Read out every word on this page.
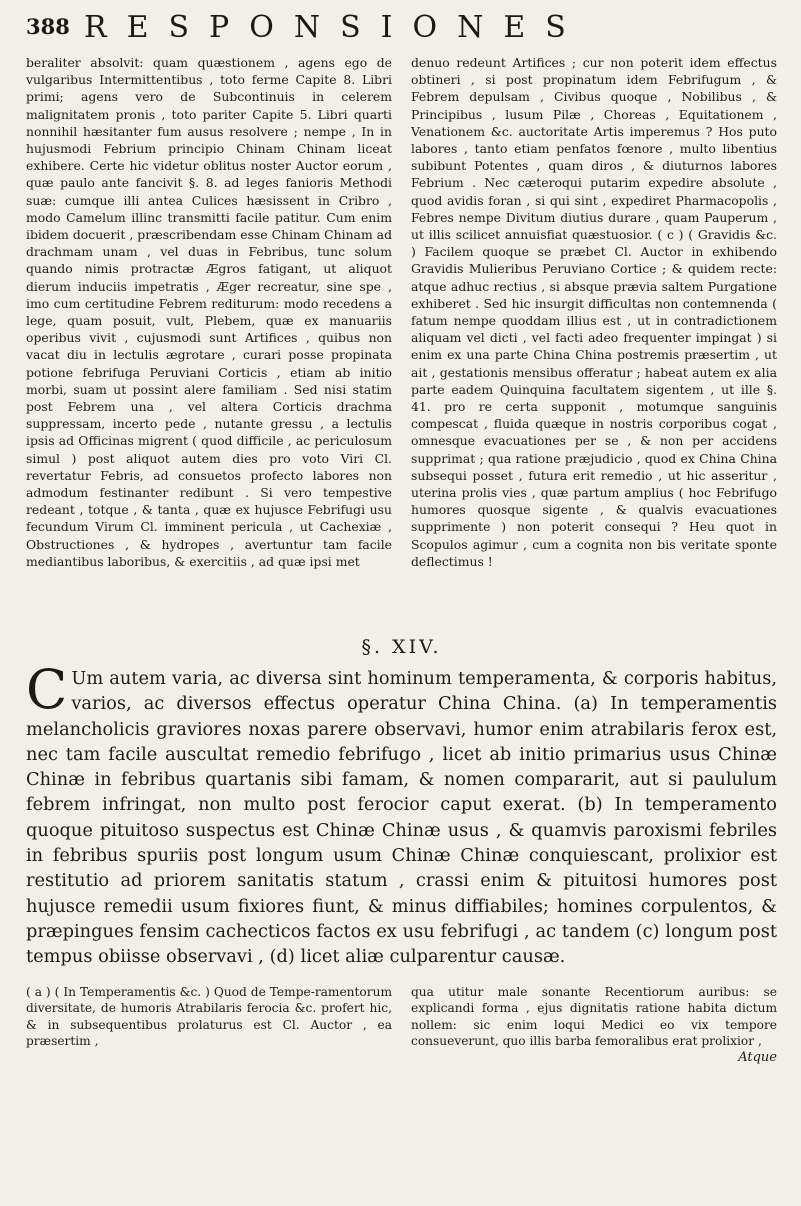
388 RESPONSIONES

beraliter absolvit: quam quæstionem , agens ego de vulgaribus Intermittentibus , toto ferme Capite 8. Libri primi; agens vero de Subcontinuis in celerem malignitatem pronis , toto pariter Capite 5. Libri quarti nonnihil hæsitanter fum ausus resolvere ; nempe , In in hujusmodi Febrium principio Chinam Chinam liceat exhibere. Certe hic videtur oblitus noster Auctor eorum , quæ paulo ante fancivit §. 8. ad leges fanioris Methodi suæ: cumque illi antea Culices hæsissent in Cribro , modo Camelum illinc transmitti facile patitur. Cum enim ibidem docuerit , præscribendam esse Chinam Chinam ad drachmam unam , vel duas in Febribus, tunc solum quando nimis protractæ Ægros fatigant, ut aliquot dierum induciis impetratis , Æger recreatur, sine spe , imo cum certitudine Febrem rediturum: modo recedens a lege, quam posuit, vult, Plebem, quæ ex manuariis operibus vivit , cujusmodi sunt Artifices , quibus non vacat diu in lectulis ægrotare , curari posse propinata potione febrifuga Peruviani Corticis , etiam ab initio morbi, suam ut possint alere familiam . Sed nisi statim post Febrem una , vel altera Corticis drachma suppressam, incerto pede , nutante gressu , a lectulis ipsis ad Officinas migrent ( quod difficile , ac periculosum simul ) post aliquot autem dies pro voto Viri Cl. revertatur Febris, ad consuetos profecto labores non admodum festinanter redibunt . Si vero tempestive redeant , totque , & tanta , quæ ex hujusce Febrifugi usu fecundum Virum Cl. imminent pericula , ut Cachexiæ , Obstructiones , & hydropes , avertuntur tam facile mediantibus laboribus, & exercitiis , ad quæ ipsi met

denuo redeunt Artifices ; cur non poterit idem effectus obtineri , si post propinatum idem Febrifugum , & Febrem depulsam , Civibus quoque , Nobilibus , & Principibus , lusum Pilæ , Choreas , Equitationem , Venationem &c. auctoritate Artis imperemus ? Hos puto labores , tanto etiam penfatos fœnore , multo libentius subibunt Potentes , quam diros , & diuturnos labores Febrium . Nec cæteroqui putarim expedire absolute , quod avidis foran , si qui sint , expediret Pharmacopolis , Febres nempe Divitum diutius durare , quam Pauperum , ut illis scilicet annuisfiat quæstuosior. ( c ) ( Gravidis &c. ) Facilem quoque se præbet Cl. Auctor in exhibendo Gravidis Mulieribus Peruviano Cortice ; & quidem recte: atque adhuc rectius , si absque prævia saltem Purgatione exhiberet . Sed hic insurgit difficultas non contemnenda ( fatum nempe quoddam illius est , ut in contradictionem aliquam vel dicti , vel facti adeo frequenter impingat ) si enim ex una parte China China postremis præsertim , ut ait , gestationis mensibus offeratur ; habeat autem ex alia parte eadem Quinquina facultatem sigentem , ut ille §. 41. pro re certa supponit , motumque sanguinis compescat , fluida quæque in nostris corporibus cogat , omnesque evacuationes per se , & non per accidens supprimat ; qua ratione præjudicio , quod ex China China subsequi posset , futura erit remedio , ut hic asseritur , uterina prolis vies , quæ partum amplius ( hoc Febrifugo humores quosque sigente , & qualvis evacuationes supprimente ) non poterit consequi ? Heu quot in Scopulos agimur , cum a cognita non bis veritate sponte deflectimus !

§. XIV.
C Um autem varia, ac diversa sint hominum temperamenta, & corporis habitus, varios, ac diversos effectus operatur China China. (a) In temperamentis melancholicis graviores noxas parere observavi, humor enim atrabilaris ferox est, nec tam facile auscultat remedio febrifugo , licet ab initio primarius usus Chinæ Chinæ in febribus quartanis sibi famam, & nomen compararit, aut si paululum febrem infringat, non multo post ferocior caput exerat. (b) In temperamento quoque pituitoso suspectus est Chinæ Chinæ usus , & quamvis paroxismi febriles in febribus spuriis post longum usum Chinæ Chinæ conquiescant, prolixior est restitutio ad priorem sanitatis statum , crassi enim & pituitosi humores post hujusce remedii usum fixiores fiunt, & minus diffiabiles; homines corpulentos, & præpingues fensim cachecticos factos ex usu febrifugi , ac tandem (c) longum post tempus obiisse observavi , (d) licet aliæ culparentur causæ.

( a ) ( In Temperamentis &c. ) Quod de Tempe-ramentorum diversitate, de humoris Atrabilaris ferocia &c. profert hic, & in subsequentibus prolaturus est Cl. Auctor , ea præsertim ,

qua utitur male sonante Recentiorum auribus: se explicandi forma , ejus dignitatis ratione habita dictum nollem: sic enim loqui Medici eo vix tempore consueverunt, quo illis barba femoralibus erat prolixior ,

Atque
